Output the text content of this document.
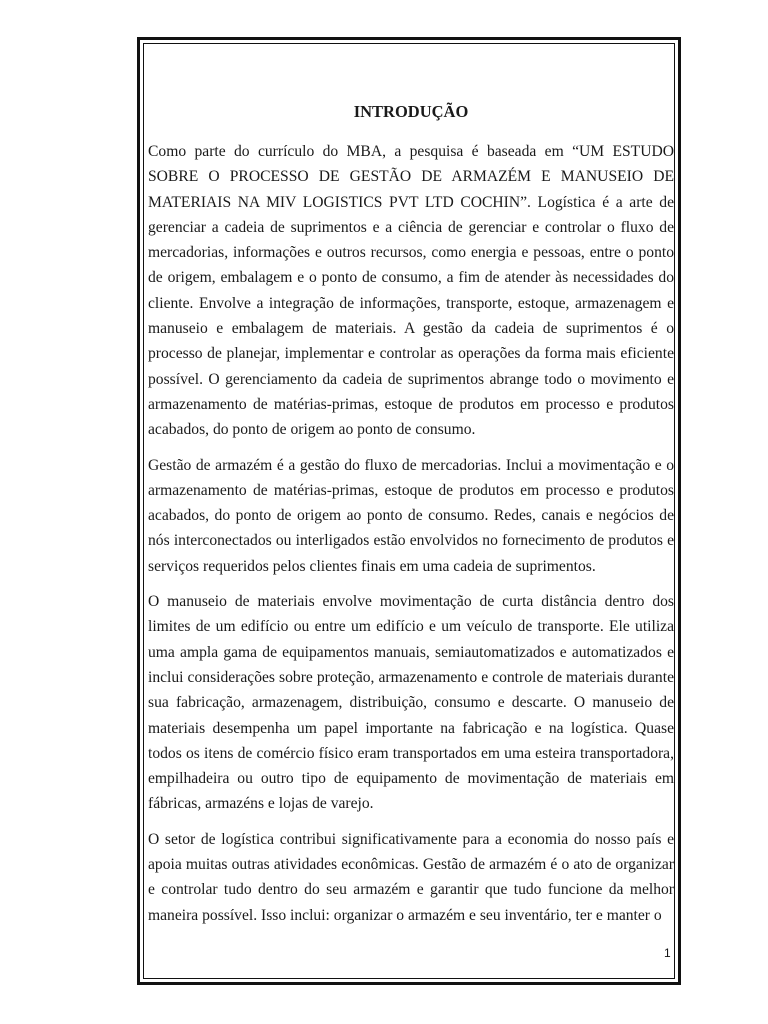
INTRODUÇÃO

Como parte do currículo do MBA, a pesquisa é baseada em “UM ESTUDO SOBRE O PROCESSO DE GESTÃO DE ARMAZÉM E MANUSEIO DE MATERIAIS NA MIV LOGISTICS PVT LTD COCHIN”. Logística é a arte de gerenciar a cadeia de suprimentos e a ciência de gerenciar e controlar o fluxo de mercadorias, informações e outros recursos, como energia e pessoas, entre o ponto de origem, embalagem e o ponto de consumo, a fim de atender às necessidades do cliente. Envolve a integração de informações, transporte, estoque, armazenagem e manuseio e embalagem de materiais. A gestão da cadeia de suprimentos é o processo de planejar, implementar e controlar as operações da forma mais eficiente possível. O gerenciamento da cadeia de suprimentos abrange todo o movimento e armazenamento de matérias-primas, estoque de produtos em processo e produtos acabados, do ponto de origem ao ponto de consumo.

Gestão de armazém é a gestão do fluxo de mercadorias. Inclui a movimentação e o armazenamento de matérias-primas, estoque de produtos em processo e produtos acabados, do ponto de origem ao ponto de consumo. Redes, canais e negócios de nós interconectados ou interligados estão envolvidos no fornecimento de produtos e serviços requeridos pelos clientes finais em uma cadeia de suprimentos.

O manuseio de materiais envolve movimentação de curta distância dentro dos limites de um edifício ou entre um edifício e um veículo de transporte. Ele utiliza uma ampla gama de equipamentos manuais, semiautomatizados e automatizados e inclui considerações sobre proteção, armazenamento e controle de materiais durante sua fabricação, armazenagem, distribuição, consumo e descarte. O manuseio de materiais desempenha um papel importante na fabricação e na logística. Quase todos os itens de comércio físico eram transportados em uma esteira transportadora, empilhadeira ou outro tipo de equipamento de movimentação de materiais em fábricas, armazéns e lojas de varejo.

O setor de logística contribui significativamente para a economia do nosso país e apoia muitas outras atividades econômicas. Gestão de armazém é o ato de organizar e controlar tudo dentro do seu armazém e garantir que tudo funcione da melhor maneira possível. Isso inclui: organizar o armazém e seu inventário, ter e manter o

1
